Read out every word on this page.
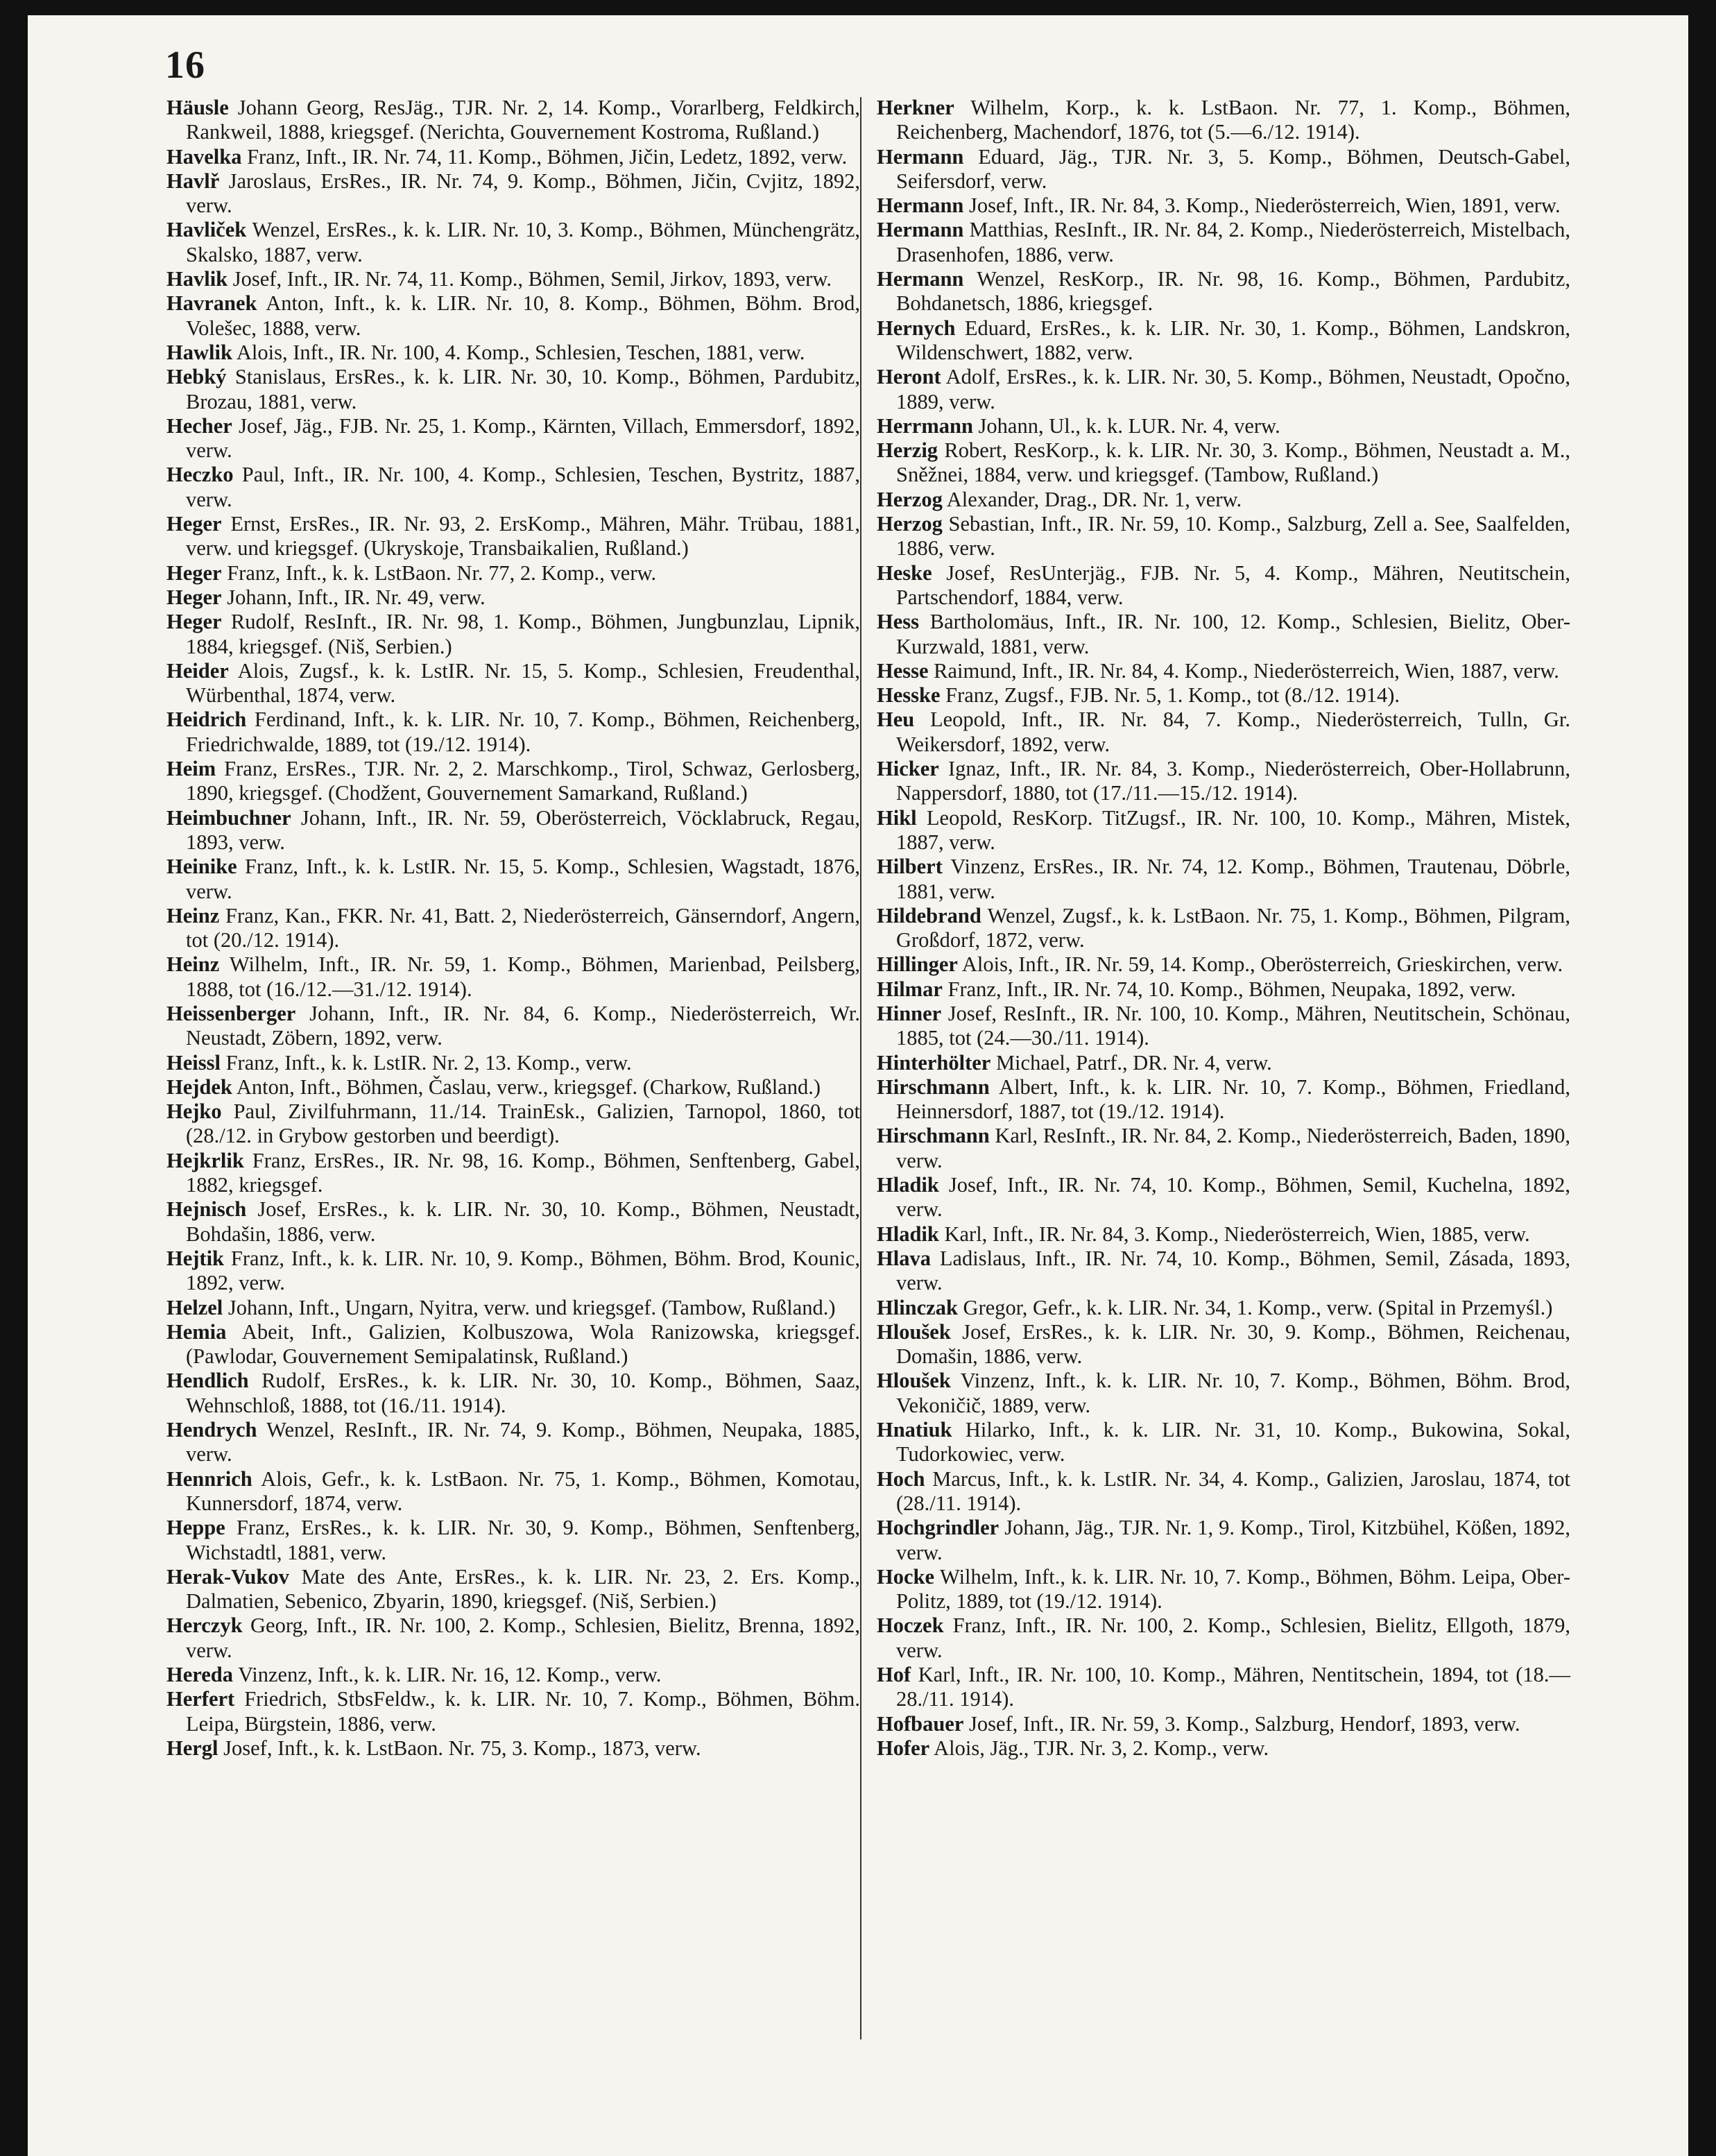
16

Häusle Johann Georg, ResJäg., TJR. Nr. 2, 14. Komp., Vorarlberg, Feldkirch, Rankweil, 1888, kriegsgef. (Nerichta, Gouvernement Kostroma, Rußland.)

Havelka Franz, Inft., IR. Nr. 74, 11. Komp., Böhmen, Jičin, Ledetz, 1892, verw.

Havlř Jaroslaus, ErsRes., IR. Nr. 74, 9. Komp., Böhmen, Jičin, Cvjitz, 1892, verw.

Havliček Wenzel, ErsRes., k. k. LIR. Nr. 10, 3. Komp., Böhmen, Münchengrätz, Skalsko, 1887, verw.

Havlik Josef, Inft., IR. Nr. 74, 11. Komp., Böhmen, Semil, Jirkov, 1893, verw.

Havranek Anton, Inft., k. k. LIR. Nr. 10, 8. Komp., Böhmen, Böhm. Brod, Volešec, 1888, verw.

Hawlik Alois, Inft., IR. Nr. 100, 4. Komp., Schlesien, Teschen, 1881, verw.

Hebký Stanislaus, ErsRes., k. k. LIR. Nr. 30, 10. Komp., Böhmen, Pardubitz, Brozau, 1881, verw.

Hecher Josef, Jäg., FJB. Nr. 25, 1. Komp., Kärnten, Villach, Emmersdorf, 1892, verw.

Heczko Paul, Inft., IR. Nr. 100, 4. Komp., Schlesien, Teschen, Bystritz, 1887, verw.

Heger Ernst, ErsRes., IR. Nr. 93, 2. ErsKomp., Mähren, Mähr. Trübau, 1881, verw. und kriegsgef. (Ukryskoje, Transbaikalien, Rußland.)

Heger Franz, Inft., k. k. LstBaon. Nr. 77, 2. Komp., verw.

Heger Johann, Inft., IR. Nr. 49, verw.

Heger Rudolf, ResInft., IR. Nr. 98, 1. Komp., Böhmen, Jungbunzlau, Lipnik, 1884, kriegsgef. (Niš, Serbien.)

Heider Alois, Zugsf., k. k. LstIR. Nr. 15, 5. Komp., Schlesien, Freudenthal, Würbenthal, 1874, verw.

Heidrich Ferdinand, Inft., k. k. LIR. Nr. 10, 7. Komp., Böhmen, Reichenberg, Friedrichwalde, 1889, tot (19./12. 1914).

Heim Franz, ErsRes., TJR. Nr. 2, 2. Marschkomp., Tirol, Schwaz, Gerlosberg, 1890, kriegsgef. (Chodžent, Gouvernement Samarkand, Rußland.)

Heimbuchner Johann, Inft., IR. Nr. 59, Oberösterreich, Vöcklabruck, Regau, 1893, verw.

Heinike Franz, Inft., k. k. LstIR. Nr. 15, 5. Komp., Schlesien, Wagstadt, 1876, verw.

Heinz Franz, Kan., FKR. Nr. 41, Batt. 2, Niederösterreich, Gänserndorf, Angern, tot (20./12. 1914).

Heinz Wilhelm, Inft., IR. Nr. 59, 1. Komp., Böhmen, Marienbad, Peilsberg, 1888, tot (16./12.—31./12. 1914).

Heissenberger Johann, Inft., IR. Nr. 84, 6. Komp., Niederösterreich, Wr. Neustadt, Zöbern, 1892, verw.

Heissl Franz, Inft., k. k. LstIR. Nr. 2, 13. Komp., verw.

Hejdek Anton, Inft., Böhmen, Časlau, verw., kriegsgef. (Charkow, Rußland.)

Hejko Paul, Zivilfuhrmann, 11./14. TrainEsk., Galizien, Tarnopol, 1860, tot (28./12. in Grybow gestorben und beerdigt).

Hejkrlik Franz, ErsRes., IR. Nr. 98, 16. Komp., Böhmen, Senftenberg, Gabel, 1882, kriegsgef.

Hejnisch Josef, ErsRes., k. k. LIR. Nr. 30, 10. Komp., Böhmen, Neustadt, Bohdašin, 1886, verw.

Hejtik Franz, Inft., k. k. LIR. Nr. 10, 9. Komp., Böhmen, Böhm. Brod, Kounic, 1892, verw.

Helzel Johann, Inft., Ungarn, Nyitra, verw. und kriegsgef. (Tambow, Rußland.)

Hemia Abeit, Inft., Galizien, Kolbuszowa, Wola Ranizowska, kriegsgef. (Pawlodar, Gouvernement Semipalatinsk, Rußland.)

Hendlich Rudolf, ErsRes., k. k. LIR. Nr. 30, 10. Komp., Böhmen, Saaz, Wehnschloß, 1888, tot (16./11. 1914).

Hendrych Wenzel, ResInft., IR. Nr. 74, 9. Komp., Böhmen, Neupaka, 1885, verw.

Hennrich Alois, Gefr., k. k. LstBaon. Nr. 75, 1. Komp., Böhmen, Komotau, Kunnersdorf, 1874, verw.

Heppe Franz, ErsRes., k. k. LIR. Nr. 30, 9. Komp., Böhmen, Senftenberg, Wichstadtl, 1881, verw.

Herak-Vukov Mate des Ante, ErsRes., k. k. LIR. Nr. 23, 2. Ers. Komp., Dalmatien, Sebenico, Zbyarin, 1890, kriegsgef. (Niš, Serbien.)

Herczyk Georg, Inft., IR. Nr. 100, 2. Komp., Schlesien, Bielitz, Brenna, 1892, verw.

Hereda Vinzenz, Inft., k. k. LIR. Nr. 16, 12. Komp., verw.

Herfert Friedrich, StbsFeldw., k. k. LIR. Nr. 10, 7. Komp., Böhmen, Böhm. Leipa, Bürgstein, 1886, verw.

Hergl Josef, Inft., k. k. LstBaon. Nr. 75, 3. Komp., 1873, verw.

Herkner Wilhelm, Korp., k. k. LstBaon. Nr. 77, 1. Komp., Böhmen, Reichenberg, Machendorf, 1876, tot (5.—6./12. 1914).

Hermann Eduard, Jäg., TJR. Nr. 3, 5. Komp., Böhmen, Deutsch-Gabel, Seifersdorf, verw.

Hermann Josef, Inft., IR. Nr. 84, 3. Komp., Niederösterreich, Wien, 1891, verw.

Hermann Matthias, ResInft., IR. Nr. 84, 2. Komp., Niederösterreich, Mistelbach, Drasenhofen, 1886, verw.

Hermann Wenzel, ResKorp., IR. Nr. 98, 16. Komp., Böhmen, Pardubitz, Bohdanetsch, 1886, kriegsgef.

Hernych Eduard, ErsRes., k. k. LIR. Nr. 30, 1. Komp., Böhmen, Landskron, Wildenschwert, 1882, verw.

Heront Adolf, ErsRes., k. k. LIR. Nr. 30, 5. Komp., Böhmen, Neustadt, Opočno, 1889, verw.

Herrmann Johann, Ul., k. k. LUR. Nr. 4, verw.

Herzig Robert, ResKorp., k. k. LIR. Nr. 30, 3. Komp., Böhmen, Neustadt a. M., Sněžnei, 1884, verw. und kriegsgef. (Tambow, Rußland.)

Herzog Alexander, Drag., DR. Nr. 1, verw.

Herzog Sebastian, Inft., IR. Nr. 59, 10. Komp., Salzburg, Zell a. See, Saalfelden, 1886, verw.

Heske Josef, ResUnterjäg., FJB. Nr. 5, 4. Komp., Mähren, Neutitschein, Partschendorf, 1884, verw.

Hess Bartholomäus, Inft., IR. Nr. 100, 12. Komp., Schlesien, Bielitz, Ober-Kurzwald, 1881, verw.

Hesse Raimund, Inft., IR. Nr. 84, 4. Komp., Niederösterreich, Wien, 1887, verw.

Hesske Franz, Zugsf., FJB. Nr. 5, 1. Komp., tot (8./12. 1914).

Heu Leopold, Inft., IR. Nr. 84, 7. Komp., Niederösterreich, Tulln, Gr. Weikersdorf, 1892, verw.

Hicker Ignaz, Inft., IR. Nr. 84, 3. Komp., Niederösterreich, Ober-Hollabrunn, Nappersdorf, 1880, tot (17./11.—15./12. 1914).

Hikl Leopold, ResKorp. TitZugsf., IR. Nr. 100, 10. Komp., Mähren, Mistek, 1887, verw.

Hilbert Vinzenz, ErsRes., IR. Nr. 74, 12. Komp., Böhmen, Trautenau, Döbrle, 1881, verw.

Hildebrand Wenzel, Zugsf., k. k. LstBaon. Nr. 75, 1. Komp., Böhmen, Pilgram, Großdorf, 1872, verw.

Hillinger Alois, Inft., IR. Nr. 59, 14. Komp., Oberösterreich, Grieskirchen, verw.

Hilmar Franz, Inft., IR. Nr. 74, 10. Komp., Böhmen, Neupaka, 1892, verw.

Hinner Josef, ResInft., IR. Nr. 100, 10. Komp., Mähren, Neutitschein, Schönau, 1885, tot (24.—30./11. 1914).

Hinterhölter Michael, Patrf., DR. Nr. 4, verw.

Hirschmann Albert, Inft., k. k. LIR. Nr. 10, 7. Komp., Böhmen, Friedland, Heinnersdorf, 1887, tot (19./12. 1914).

Hirschmann Karl, ResInft., IR. Nr. 84, 2. Komp., Niederösterreich, Baden, 1890, verw.

Hladik Josef, Inft., IR. Nr. 74, 10. Komp., Böhmen, Semil, Kuchelna, 1892, verw.

Hladik Karl, Inft., IR. Nr. 84, 3. Komp., Niederösterreich, Wien, 1885, verw.

Hlava Ladislaus, Inft., IR. Nr. 74, 10. Komp., Böhmen, Semil, Zásada, 1893, verw.

Hlinczak Gregor, Gefr., k. k. LIR. Nr. 34, 1. Komp., verw. (Spital in Przemyśl.)

Hloušek Josef, ErsRes., k. k. LIR. Nr. 30, 9. Komp., Böhmen, Reichenau, Domašin, 1886, verw.

Hloušek Vinzenz, Inft., k. k. LIR. Nr. 10, 7. Komp., Böhmen, Böhm. Brod, Vekoničič, 1889, verw.

Hnatiuk Hilarko, Inft., k. k. LIR. Nr. 31, 10. Komp., Bukowina, Sokal, Tudorkowiec, verw.

Hoch Marcus, Inft., k. k. LstIR. Nr. 34, 4. Komp., Galizien, Jaroslau, 1874, tot (28./11. 1914).

Hochgrindler Johann, Jäg., TJR. Nr. 1, 9. Komp., Tirol, Kitzbühel, Kößen, 1892, verw.

Hocke Wilhelm, Inft., k. k. LIR. Nr. 10, 7. Komp., Böhmen, Böhm. Leipa, Ober-Politz, 1889, tot (19./12. 1914).

Hoczek Franz, Inft., IR. Nr. 100, 2. Komp., Schlesien, Bielitz, Ellgoth, 1879, verw.

Hof Karl, Inft., IR. Nr. 100, 10. Komp., Mähren, Nentitschein, 1894, tot (18.—28./11. 1914).

Hofbauer Josef, Inft., IR. Nr. 59, 3. Komp., Salzburg, Hendorf, 1893, verw.

Hofer Alois, Jäg., TJR. Nr. 3, 2. Komp., verw.
